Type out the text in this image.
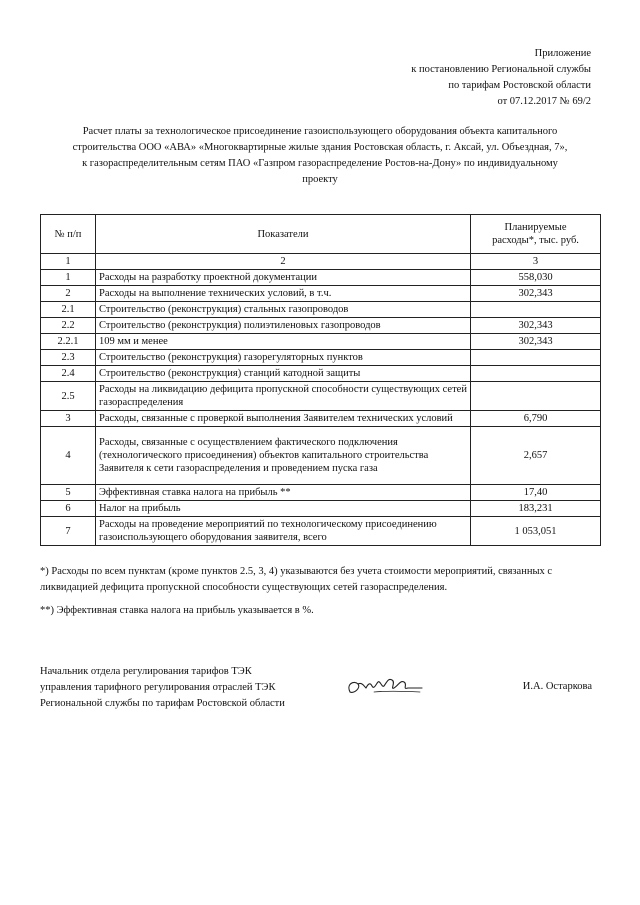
Приложение
к постановлению Региональной службы
по тарифам Ростовской области
от 07.12.2017 № 69/2
Расчет платы за технологическое присоединение газоиспользующего оборудования объекта капитального
строительства ООО «АВА» «Многоквартирные жилые здания Ростовская область, г. Аксай, ул. Объездная, 7»,
к газораспределительным сетям ПАО «Газпром газораспределение Ростов-на-Дону» по индивидуальному
проекту
№ п/п	Показатели	Планируемые
расходы*, тыс. руб.

1	2	3
1	Расходы на разработку проектной документации	558,030
2	Расходы на выполнение технических условий, в т.ч.	302,343
2.1	Строительство (реконструкция) стальных газопроводов	
2.2	Строительство (реконструкция) полиэтиленовых газопроводов	302,343
2.2.1	109 мм и менее	302,343
2.3	Строительство (реконструкция) газорегуляторных пунктов	
2.4	Строительство (реконструкция) станций катодной защиты	
2.5	Расходы на ликвидацию дефицита пропускной способности существующих сетей газораспределения	
3	Расходы, связанные с проверкой выполнения Заявителем технических условий	6,790
4	Расходы, связанные с осуществлением фактического подключения (технологического присоединения) объектов капитального строительства Заявителя к сети газораспределения и проведением пуска газа	2,657
5	Эффективная ставка налога на прибыль **	17,40
6	Налог на прибыль	183,231
7	Расходы на проведение мероприятий по технологическому присоединению газоиспользующего оборудования заявителя, всего	1 053,051

*) Расходы по всем пунктам (кроме пунктов 2.5, 3, 4) указываются без учета стоимости мероприятий, связанных с ликвидацией дефицита пропускной способности существующих сетей газораспределения.

**) Эффективная ставка налога на прибыль указывается в %.

Начальник отдела регулирования тарифов ТЭК
управления тарифного регулирования отраслей ТЭК
Региональной службы по тарифам Ростовской области
И.А. Остаркова
